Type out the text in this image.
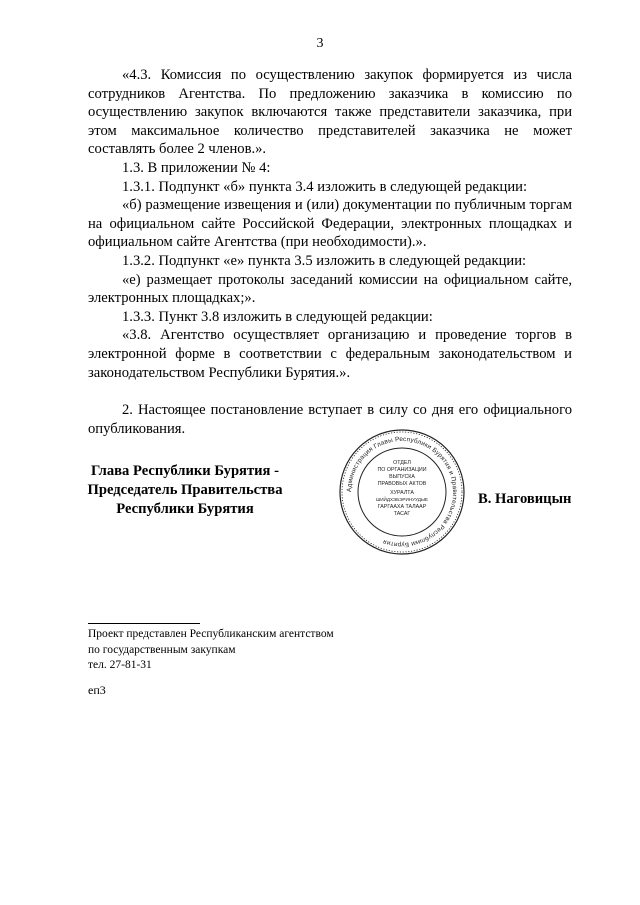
3

«4.3. Комиссия по осуществлению закупок формируется из числа сотрудников Агентства. По предложению заказчика в комиссию по осуществлению закупок включаются также представители заказчика, при этом максимальное количество представителей заказчика не может составлять более 2 членов.».

1.3. В приложении № 4:

1.3.1. Подпункт «б» пункта 3.4 изложить в следующей редакции:

«б) размещение извещения и (или) документации по публичным торгам на официальном сайте Российской Федерации, электронных площадках и официальном сайте Агентства (при необходимости).».

1.3.2. Подпункт «е» пункта 3.5 изложить в следующей редакции:

«е) размещает протоколы заседаний комиссии на официальном сайте, электронных площадках;».

1.3.3. Пункт 3.8 изложить в следующей редакции:

«3.8. Агентство осуществляет организацию и проведение торгов в электронной форме в соответствии с федеральным законодательством и законодательством Республики Бурятия.».

2. Настоящее постановление вступает в силу со дня его официального опубликования.

Глава Республики Бурятия -
Председатель Правительства
Республики Бурятия
Администрация Главы Республики Бурятия и Правительства Республики Бурятия
ОТДЕЛ
ПО ОРГАНИЗАЦИИ
ВЫПУСКА
ПРАВОВЫХ АКТОВ
ХУРАЛТА
ШИЙДХЭБЭРИНУУДЫЕ
ГАРГААХА ТАЛААР
ТАСАГ
В. Наговицын
Проект представлен Республиканским агентством
по государственным закупкам
тел. 27-81-31
еп3
